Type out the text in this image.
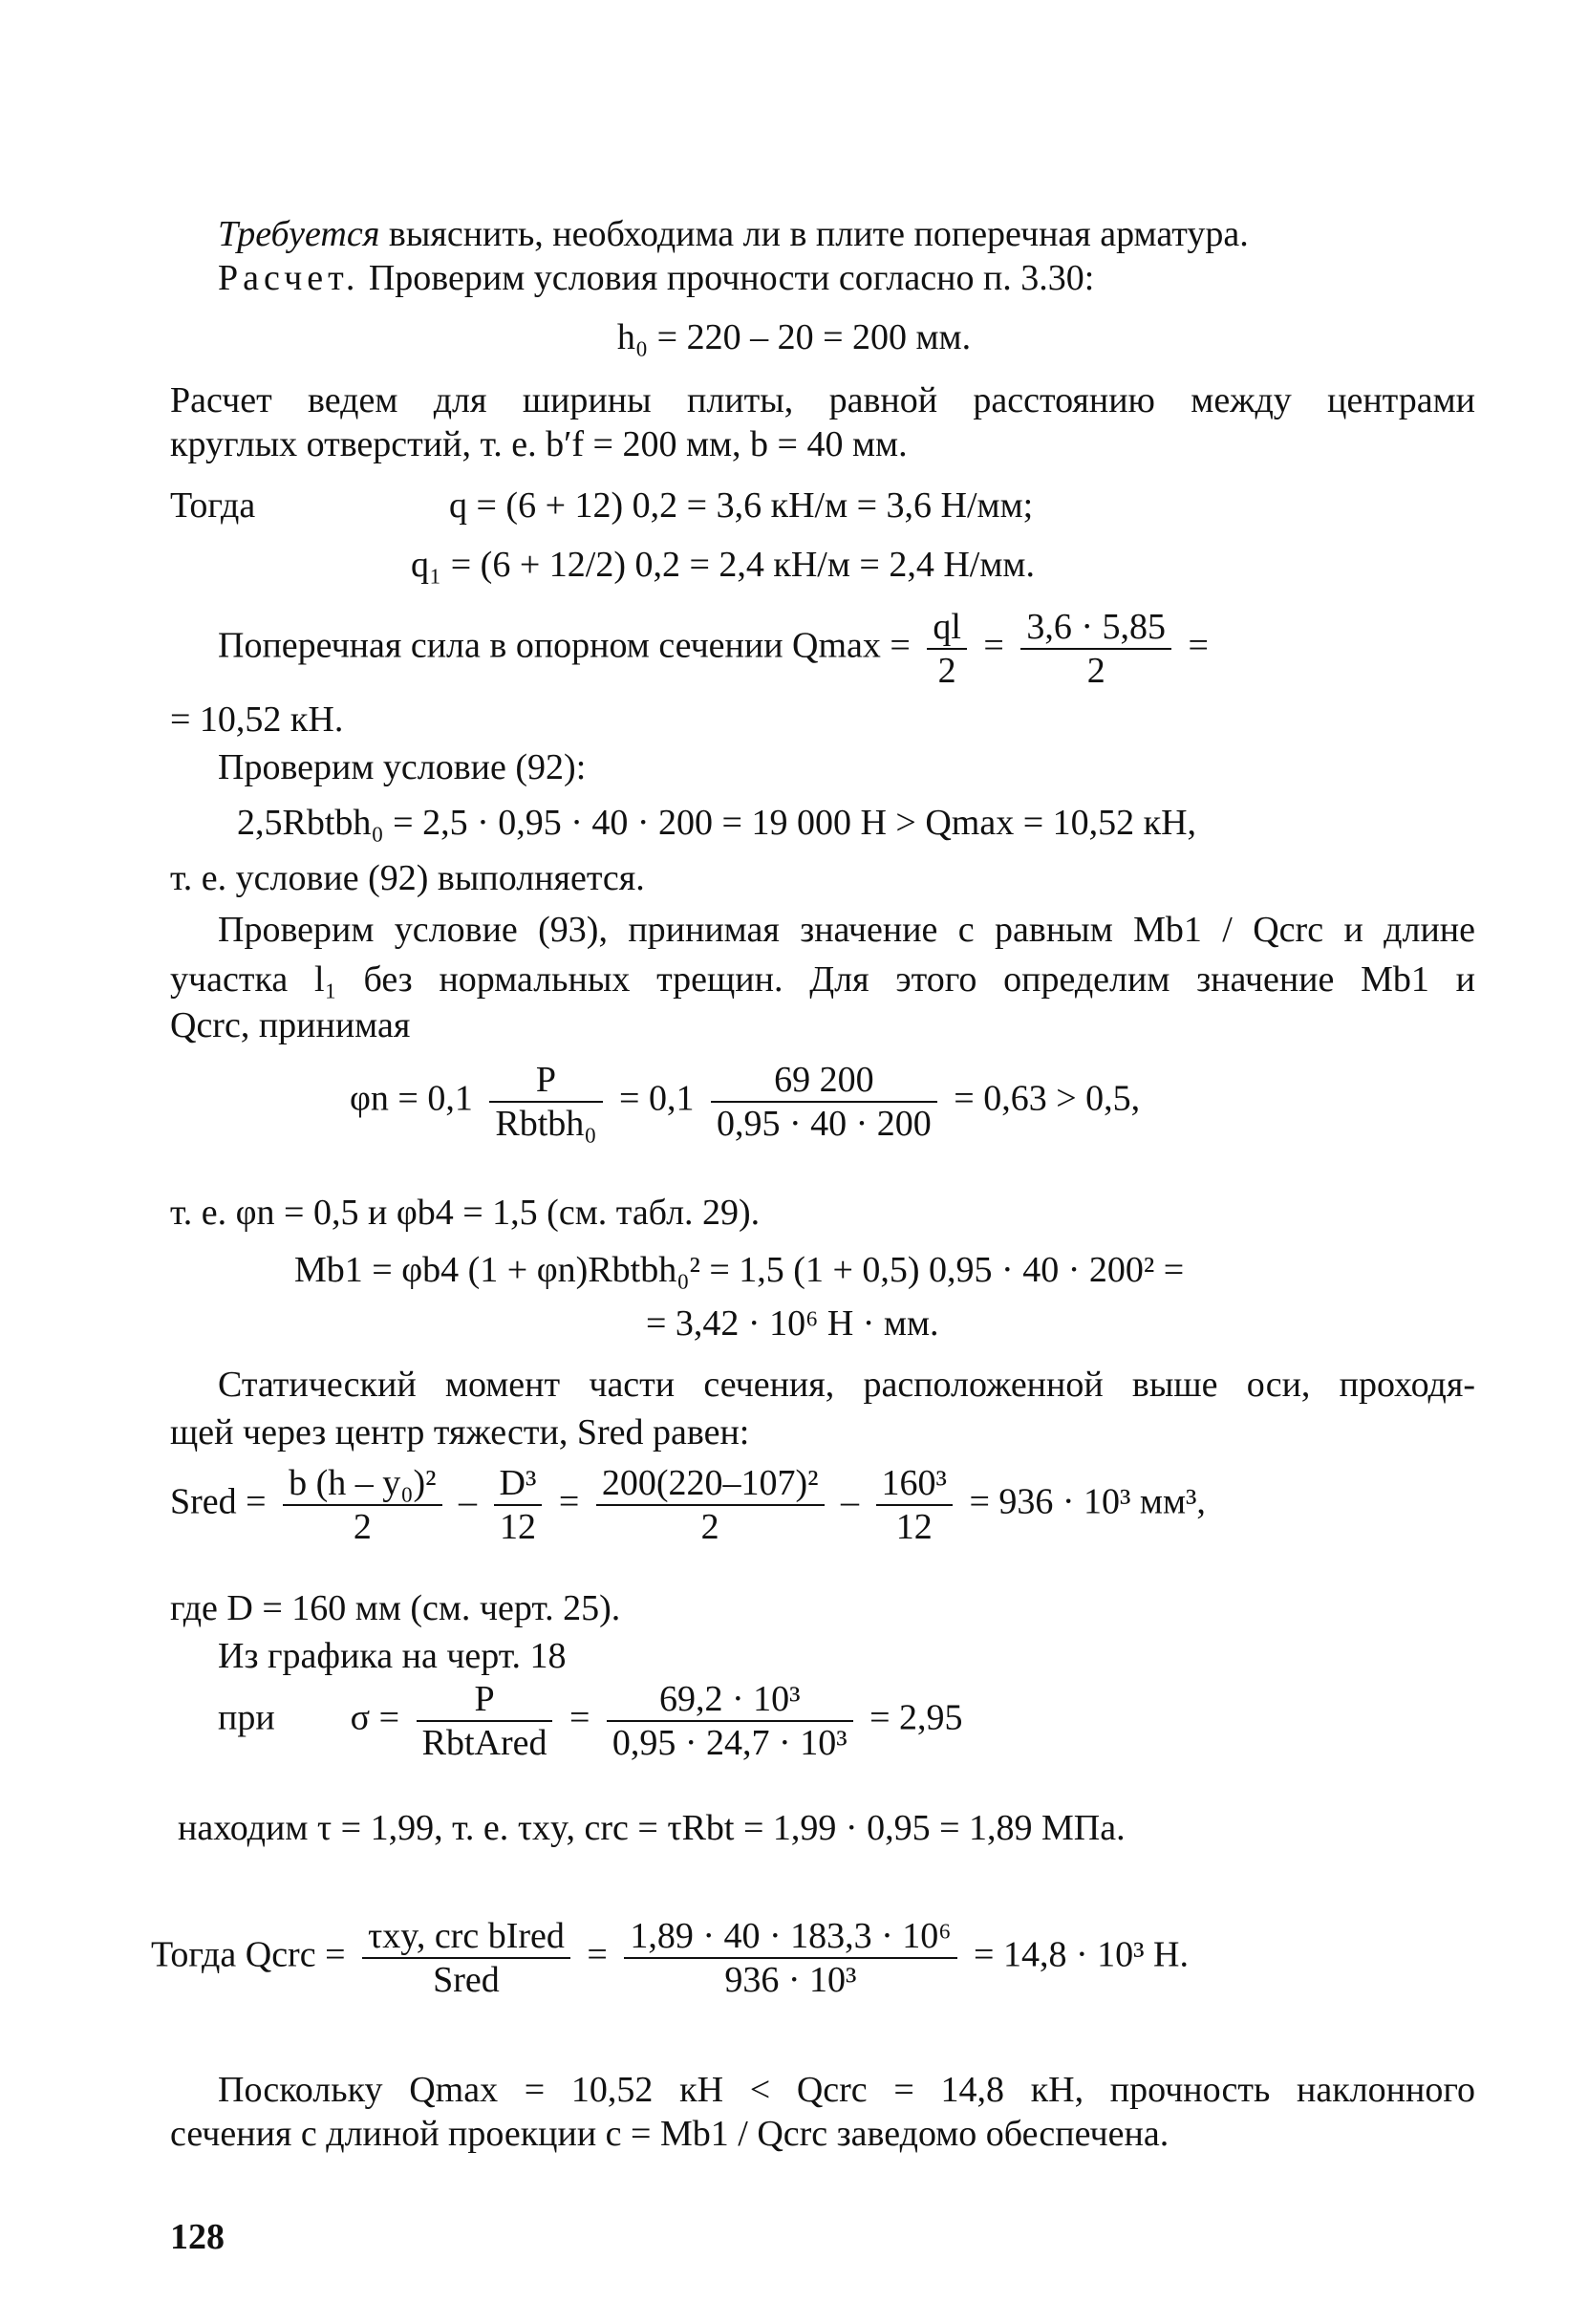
Требуется выяснить, необходима ли в плите поперечная арматура.
Расчет. Проверим условия прочности согласно п. 3.30:
h₀ = 220 – 20 = 200 мм.
Расчет ведем для ширины плиты, равной расстоянию между центрами
круглых отверстий, т. е. b′f = 200 мм, b = 40 мм.
Тогда	q = (6 + 12) 0,2 = 3,6 кН/м = 3,6 Н/мм;
q₁ = (6 + 12/2) 0,2 = 2,4 кН/м = 2,4 Н/мм.
Поперечная сила в опорном сечении $Qmax = \frac{ql}{2} = \frac{3,6 \cdot 5,85}{2}$ =
= 10,52 кН.
Проверим условие (92):
2,5Rbtbh₀ = 2,5 · 0,95 · 40 · 200 = 19 000 Н > Qmax = 10,52 кН,
т. е. условие (92) выполняется.
Проверим условие (93), принимая значение c равным Mb1 / Qcrc и длине
участка l₁ без нормальных трещин. Для этого определим значение Mb1 и
Qcrc, принимая
$\varphi n = 0,1 \frac{P}{\text{Rbtbh₀}} = 0,1 \frac{69 200}{0,95 \cdot 40 \cdot 200} = 0,63 > 0,5$,
т. е. φn = 0,5 и φb4 = 1,5 (см. табл. 29).
Mb1 = φb4 (1 + φn)Rbtbh₀² = 1,5 (1 + 0,5) 0,95 · 40 · 200² =
= 3,42 · 10⁶ Н · мм.
Статический момент части сечения, расположенной выше оси, проходя-
щей через центр тяжести, Sred равен:
Sred = $\frac{\text{b (h – y₀)²}}{2} - \frac{\text{D³}}{12} = \frac{\text{200(220–107)²}}{2} - \frac{\text{160³}}{12} = 936 \cdot 10^3$ мм³,
где D = 160 мм (см. черт. 25).
Из графика на черт. 18
при $\sigma = \frac{P}{\text{RbtAred}} = \frac{\text{69,2 · 10³}}{\text{0,95 · 24,7 · 10³}} = 2,95$
находим τ = 1,99, т. е. τxy, crc = τRbt = 1,99 · 0,95 = 1,89 МПа.
Тогда Qcrc = $\frac{\text{τxy, crc bIred}}{\text{Sred}} = \frac{\text{1,89 · 40 · 183,3 · 10⁶}}{\text{936 · 10³}} = 14,8 \cdot 10^3$ Н.
Поскольку Qmax = 10,52 кН < Qcrc = 14,8 кН, прочность наклонного
сечения с длиной проекции c = Mb1 / Qcrc заведомо обеспечена.
128
